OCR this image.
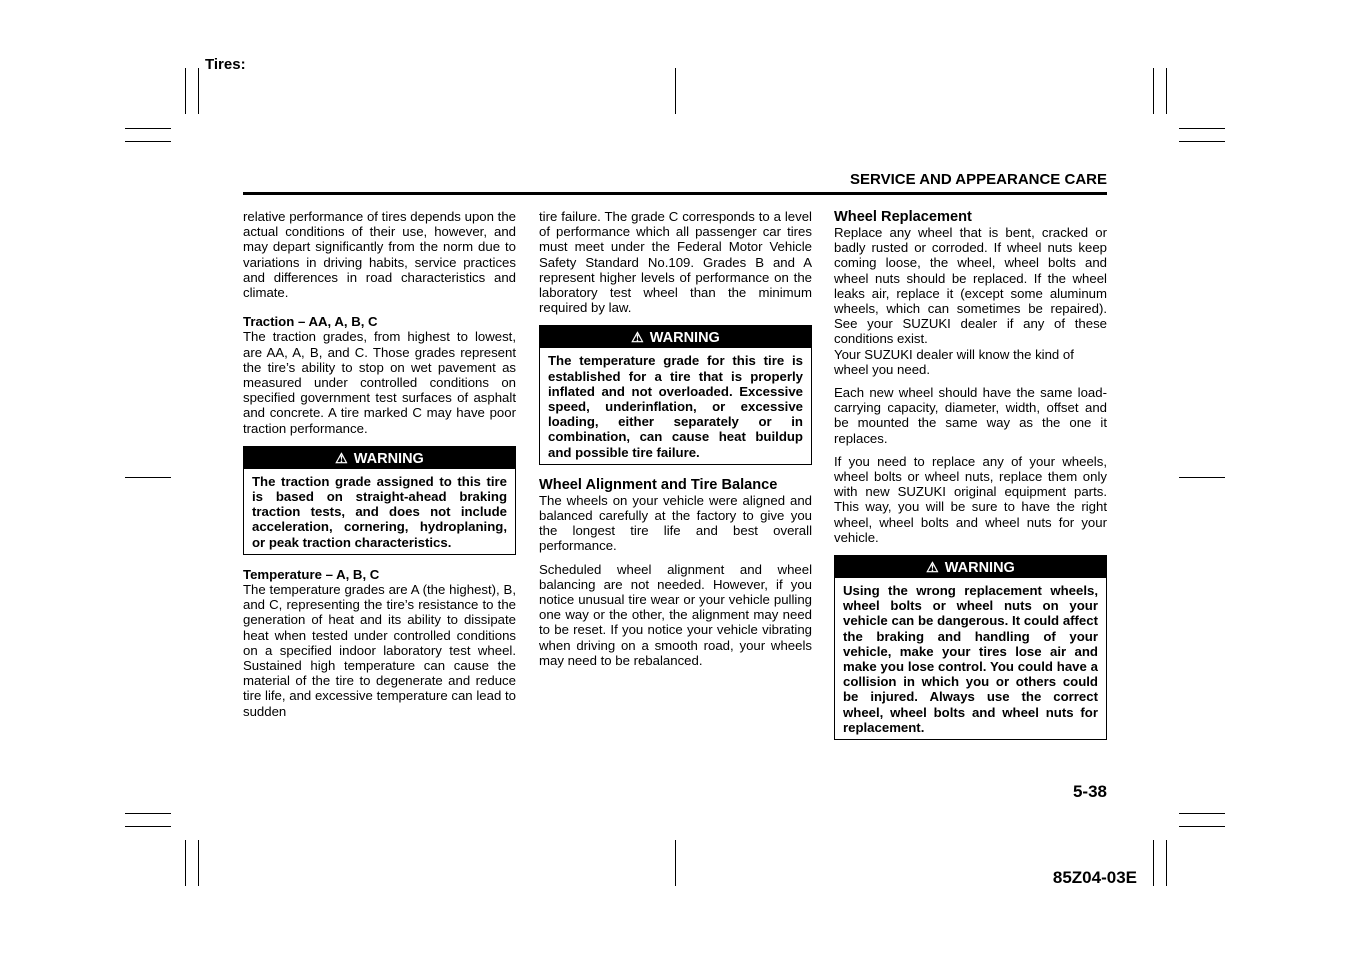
Tires:
SERVICE AND APPEARANCE CARE

relative performance of tires depends upon the actual conditions of their use, however, and may depart significantly from the norm due to variations in driving habits, service practices and differences in road characteristics and climate.

Traction – AA, A, B, C

The traction grades, from highest to lowest, are AA, A, B, and C. Those grades represent the tire’s ability to stop on wet pavement as measured under controlled conditions on specified government test surfaces of asphalt and concrete. A tire marked C may have poor traction performance.

⚠ WARNING
The traction grade assigned to this tire is based on straight-ahead braking traction tests, and does not include acceleration, cornering, hydroplaning, or peak traction characteristics.
Temperature – A, B, C

The temperature grades are A (the highest), B, and C, representing the tire’s resistance to the generation of heat and its ability to dissipate heat when tested under controlled conditions on a specified indoor laboratory test wheel. Sustained high temperature can cause the material of the tire to degenerate and reduce tire life, and excessive temperature can lead to sudden

tire failure. The grade C corresponds to a level of performance which all passenger car tires must meet under the Federal Motor Vehicle Safety Standard No.109. Grades B and A represent higher levels of performance on the laboratory test wheel than the minimum required by law.

⚠ WARNING
The temperature grade for this tire is established for a tire that is properly inflated and not overloaded. Excessive speed, underinflation, or excessive loading, either separately or in combination, can cause heat buildup and possible tire failure.
Wheel Alignment and Tire Balance

The wheels on your vehicle were aligned and balanced carefully at the factory to give you the longest tire life and best overall performance.

Scheduled wheel alignment and wheel balancing are not needed. However, if you notice unusual tire wear or your vehicle pulling one way or the other, the alignment may need to be reset. If you notice your vehicle vibrating when driving on a smooth road, your wheels may need to be rebalanced.

Wheel Replacement

Replace any wheel that is bent, cracked or badly rusted or corroded. If wheel nuts keep coming loose, the wheel, wheel bolts and wheel nuts should be replaced. If the wheel leaks air, replace it (except some aluminum wheels, which can sometimes be repaired). See your SUZUKI dealer if any of these conditions exist.

Your SUZUKI dealer will know the kind of wheel you need.

Each new wheel should have the same load-carrying capacity, diameter, width, offset and be mounted the same way as the one it replaces.

If you need to replace any of your wheels, wheel bolts or wheel nuts, replace them only with new SUZUKI original equipment parts. This way, you will be sure to have the right wheel, wheel bolts and wheel nuts for your vehicle.

⚠ WARNING
Using the wrong replacement wheels, wheel bolts or wheel nuts on your vehicle can be dangerous. It could affect the braking and handling of your vehicle, make your tires lose air and make you lose control. You could have a collision in which you or others could be injured. Always use the correct wheel, wheel bolts and wheel nuts for replacement.
5-38
85Z04-03E
